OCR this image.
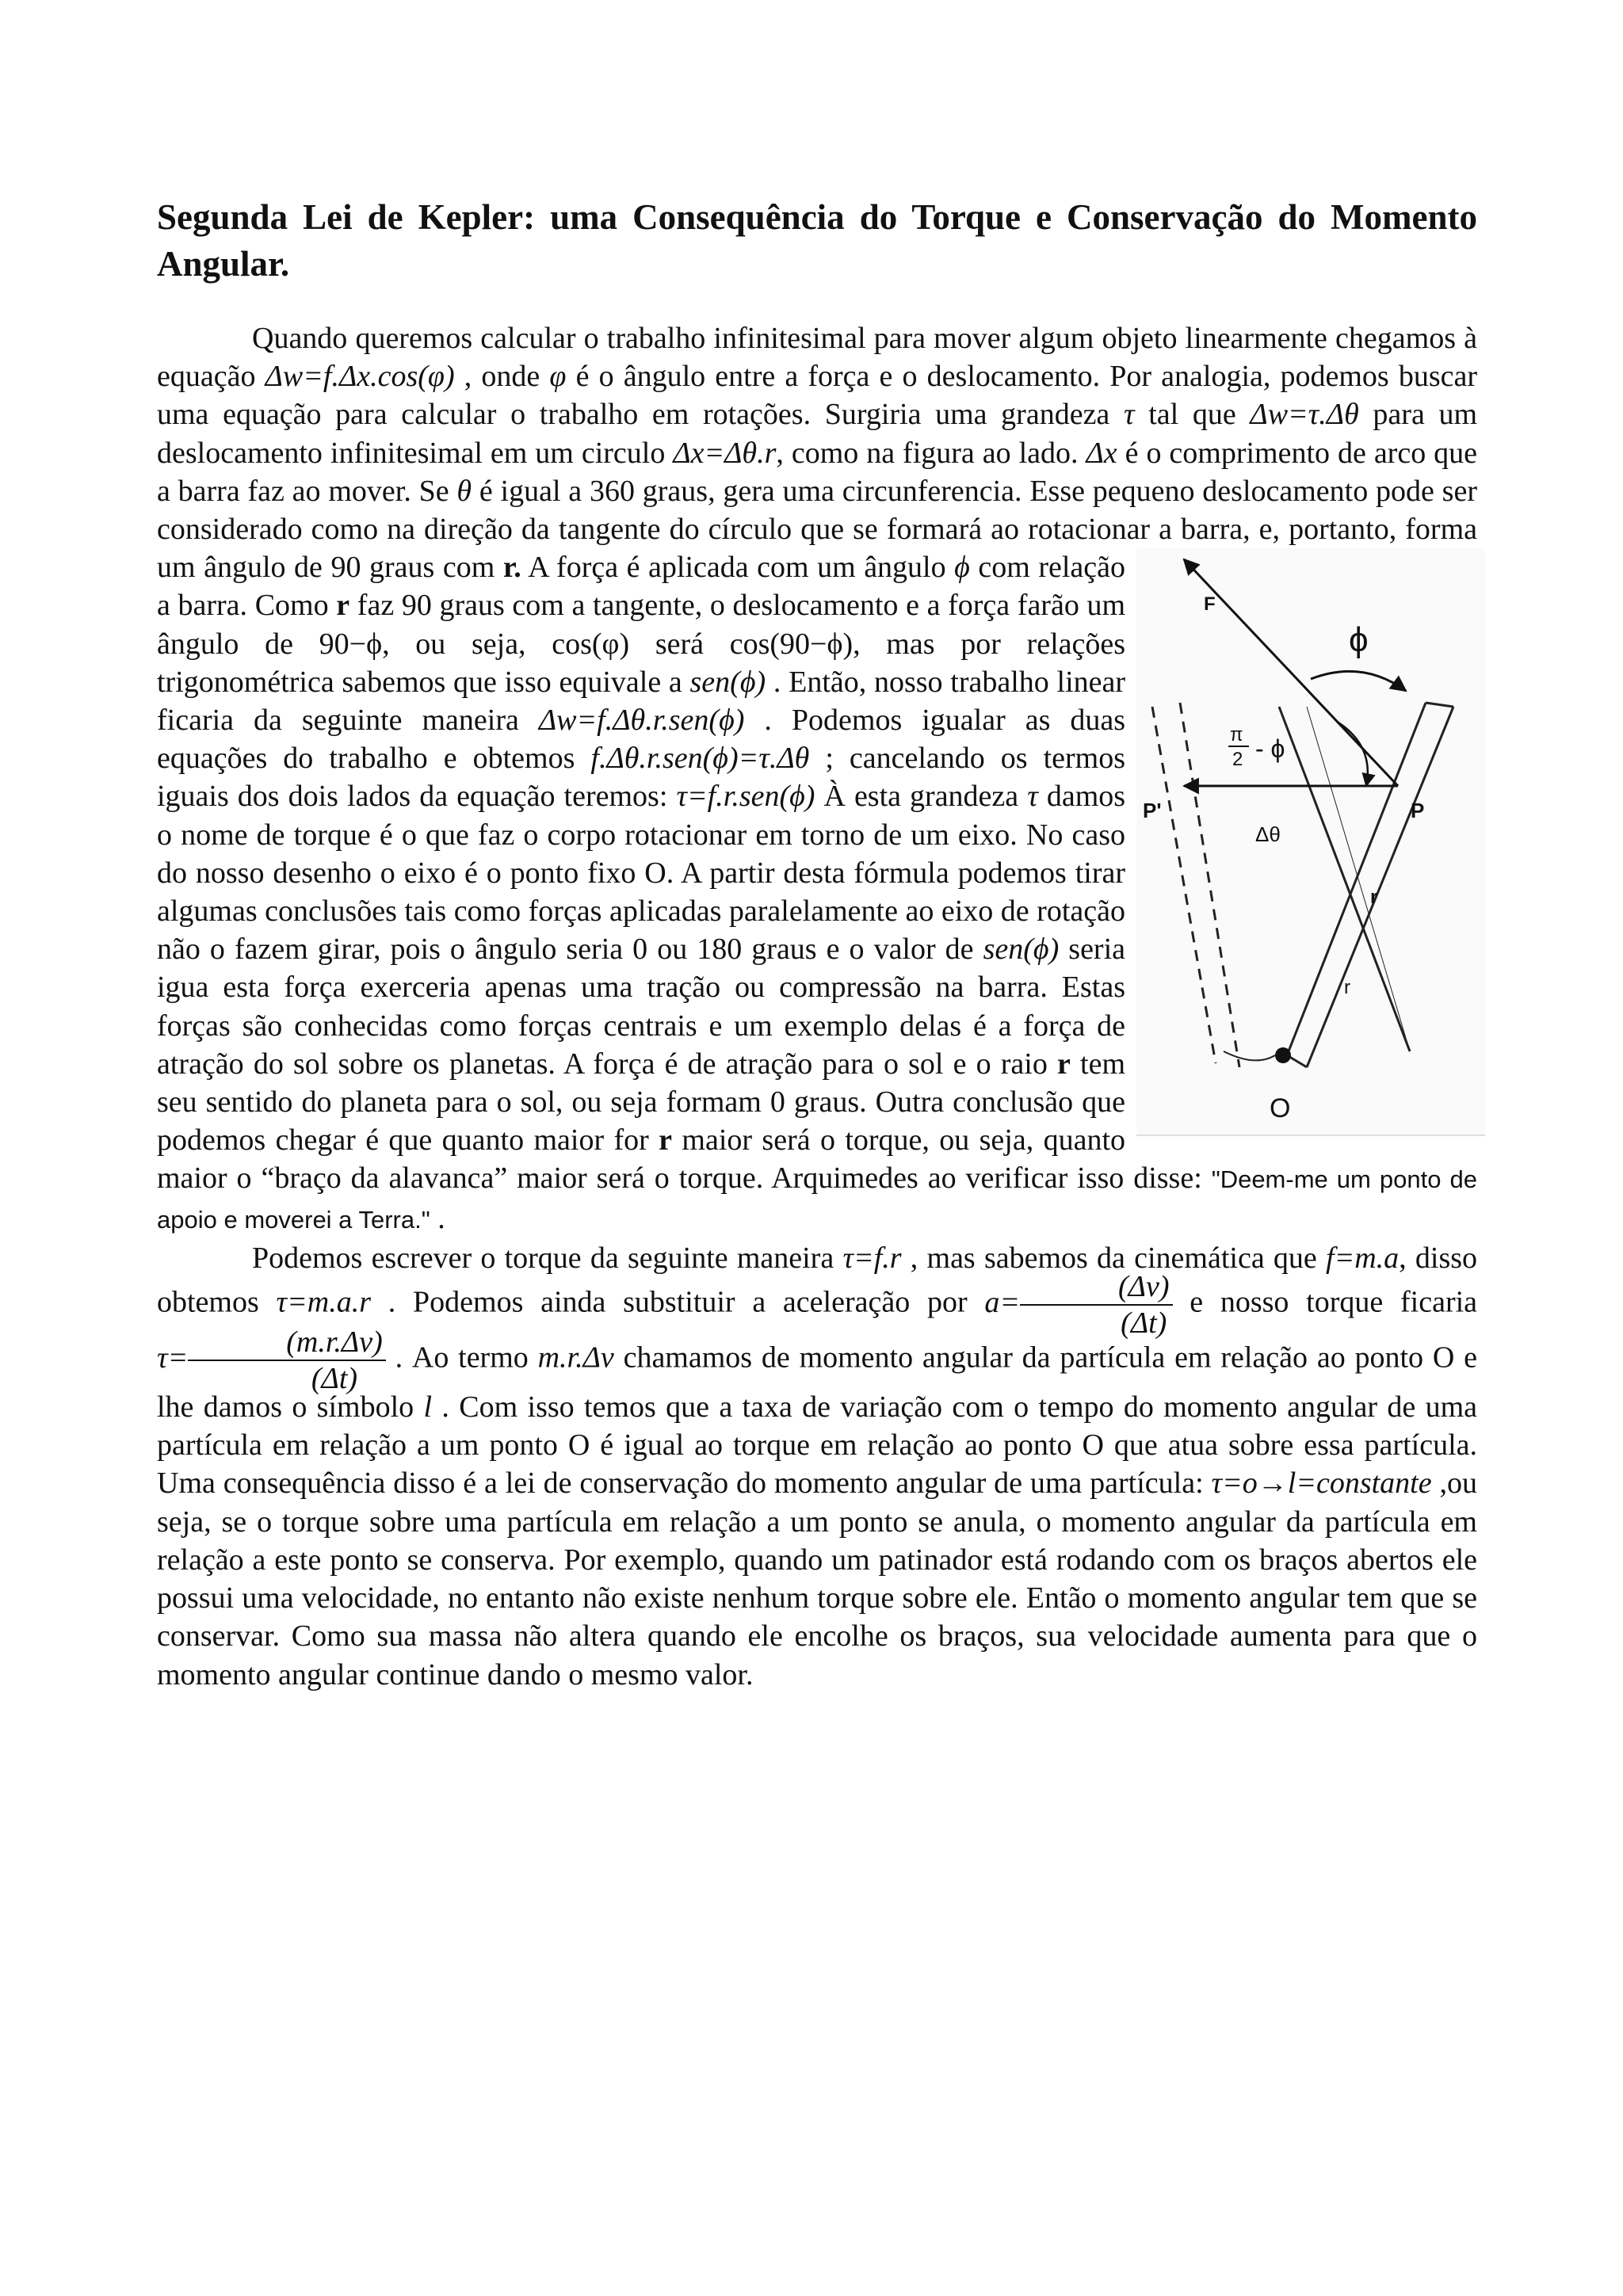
Segunda Lei de Kepler: uma Consequência do Torque e Conservação do Momento Angular.

Quando queremos calcular o trabalho infinitesimal para mover algum objeto linearmente chegamos à equação Δw=f.Δx.cos(φ) , onde φ é o ângulo entre a força e o deslocamento. Por analogia, podemos buscar uma equação para calcular o trabalho em rotações. Surgiria uma grandeza τ tal que Δw=τ.Δθ para um deslocamento infinitesimal em um circulo Δx=Δθ.r, como na figura ao lado. Δx é o comprimento de arco que a barra faz ao mover. Se θ é igual a 360 graus, gera uma circunferencia. Esse pequeno deslocamento pode ser considerado como na direção da tangente do círculo que se formará ao rotacionar a barra, e, portanto, forma um ângulo de 90 graus com
F
ϕ
π
2 - ϕ
P'	P
Δθ
r
r
O
r. A força é aplicada com um ângulo ϕ com relação a barra. Como r faz 90 graus com a tangente, o deslocamento e a força farão um ângulo de 90−ϕ, ou seja, cos(φ) será cos(90−ϕ), mas por relações trigonométrica sabemos que isso equivale a sen(ϕ) . Então, nosso trabalho linear ficaria da seguinte maneira Δw=f.Δθ.r.sen(ϕ) . Podemos igualar as duas equações do trabalho e obtemos f.Δθ.r.sen(ϕ)=τ.Δθ ; cancelando os termos iguais dos dois lados da equação teremos: τ=f.r.sen(ϕ) À esta grandeza τ damos o nome de torque é o que faz o corpo rotacionar em torno de um eixo. No caso do nosso desenho o eixo é o ponto fixo O. A partir desta fórmula podemos tirar algumas conclusões tais como forças aplicadas paralelamente ao eixo de rotação não o fazem girar, pois o ângulo seria 0 ou 180 graus e o valor de sen(ϕ) seria igua esta força exerceria apenas uma tração ou compressão na barra. Estas forças são conhecidas como forças centrais e um exemplo delas é a força de atração do sol sobre os planetas. A força é de atração para o sol e o raio r tem seu sentido do planeta para o sol, ou seja formam 0 graus. Outra conclusão que podemos chegar é que quanto maior for r maior será o torque, ou seja, quanto maior o “braço da alavanca” maior será o torque. Arquimedes ao verificar isso disse: "Deem-me um ponto de apoio e moverei a Terra." .

Podemos escrever o torque da seguinte maneira τ=f.r , mas sabemos da cinemática que f=m.a, disso obtemos τ=m.a.r . Podemos ainda substituir a aceleração por $a= \frac{(\Delta v)}{(\Delta t)}$ e nosso torque ficaria $\tau= \frac{(m.r.\Delta v)}{(\Delta t)}$ . Ao termo m.r.Δv chamamos de momento angular da partícula em relação ao ponto O e lhe damos o símbolo l . Com isso temos que a taxa de variação com o tempo do momento angular de uma partícula em relação a um ponto O é igual ao torque em relação ao ponto O que atua sobre essa partícula. Uma consequência disso é a lei de conservação do momento angular de uma partícula: τ=o→l=constante ,ou seja, se o torque sobre uma partícula em relação a um ponto se anula, o momento angular da partícula em relação a este ponto se conserva. Por exemplo, quando um patinador está rodando com os braços abertos ele possui uma velocidade, no entanto não existe nenhum torque sobre ele. Então o momento angular tem que se conservar. Como sua massa não altera quando ele encolhe os braços, sua velocidade aumenta para que o momento angular continue dando o mesmo valor.
